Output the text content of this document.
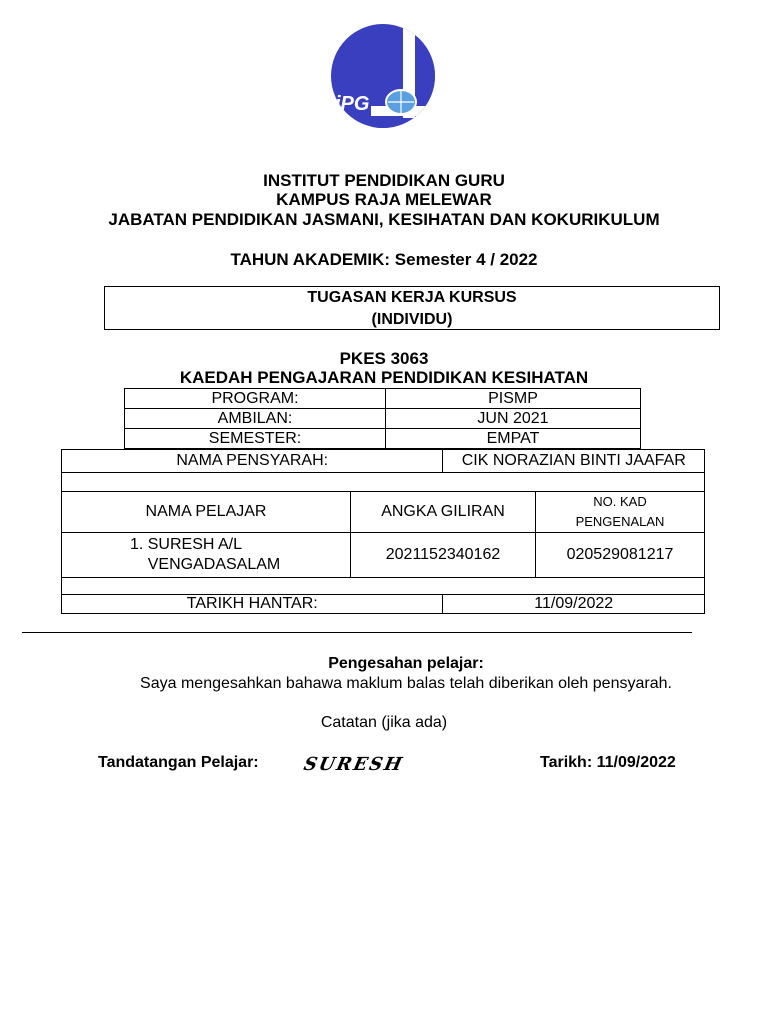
iPG
INSTITUT PENDIDIKAN GURU
KAMPUS RAJA MELEWAR
JABATAN PENDIDIKAN JASMANI, KESIHATAN DAN KOKURIKULUM
TAHUN AKADEMIK: Semester 4 / 2022
TUGASAN KERJA KURSUS
(INDIVIDU)
PKES 3063
KAEDAH PENGAJARAN PENDIDIKAN KESIHATAN
PROGRAM:	PISMP
AMBILAN:	JUN 2021
SEMESTER:	EMPAT
NAMA PENSYARAH:		CIK NORAZIAN BINTI JAAFAR	

NAMA PELAJAR	ANGKA GILIRAN		NO. KAD
PENGENALAN

1. SURESH A/L
VENGADASALAM	2021152340162		020529081217

TARIKH HANTAR:		11/09/2022	
Pengesahan pelajar:
Saya mengesahkan bahawa maklum balas telah diberikan oleh pensyarah.
Catatan (jika ada)
Tandatangan Pelajar: SURESH	Tarikh: 11/09/2022
